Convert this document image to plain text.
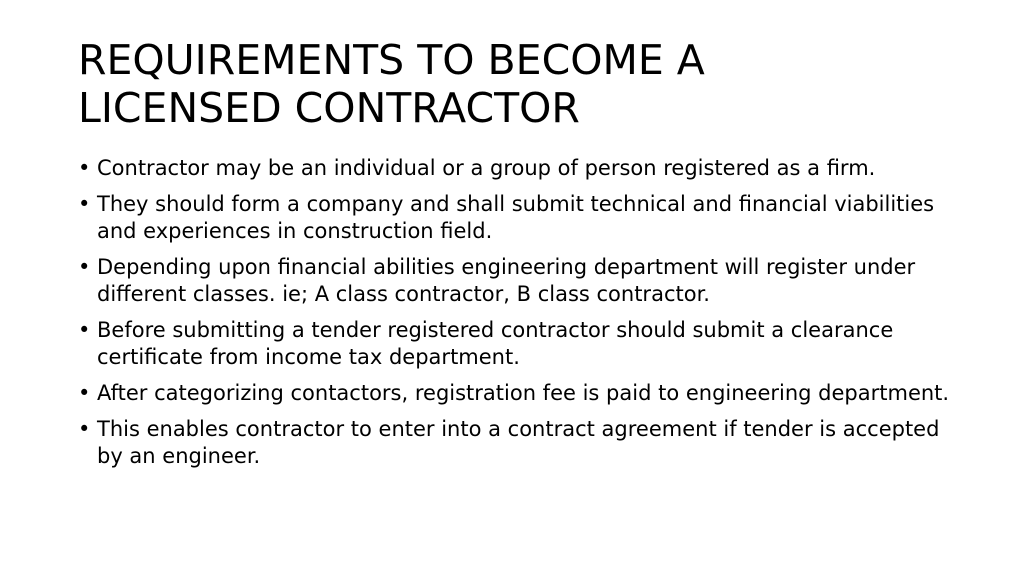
REQUIREMENTS TO BECOME A
LICENSED CONTRACTOR
• Contractor may be an individual or a group of person registered as a firm.
• They should form a company and shall submit technical and financial viabilities and experiences in construction field.
• Depending upon financial abilities engineering department will register under different classes. ie; A class contractor, B class contractor.
• Before submitting a tender registered contractor should submit a clearance certificate from income tax department.
• After categorizing contactors, registration fee is paid to engineering department.
• This enables contractor to enter into a contract agreement if tender is accepted by an engineer.
